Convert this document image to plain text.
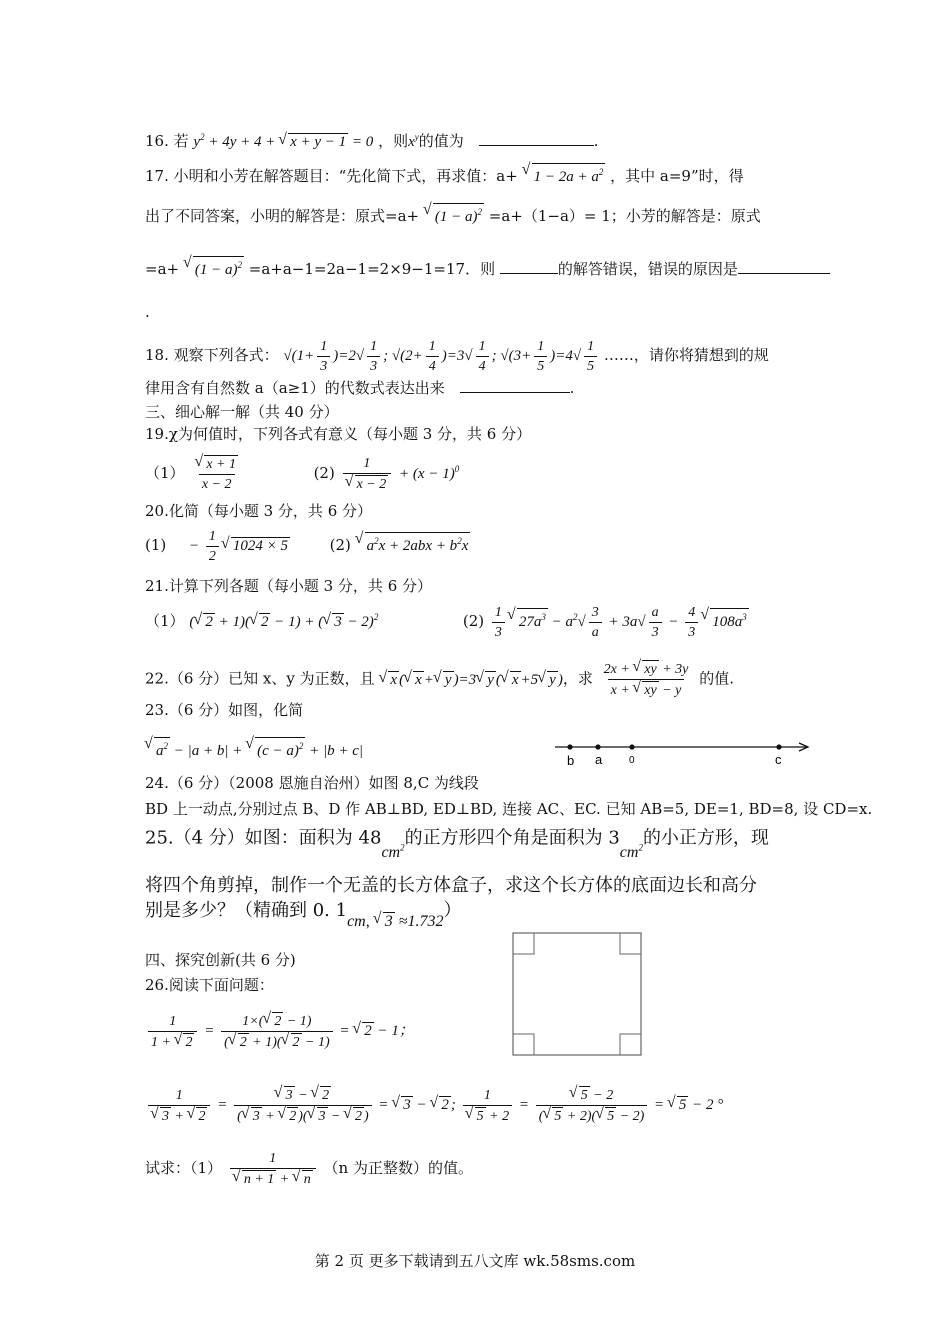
16. 若 $y^2 + 4y + 4$ + √ x + y − 1 = 0 ，则$x^y$的值为	.
17. 小明和小芳在解答题目：“先化简下式，再求值：a+ √ $1 - 2a + a^2$ ，其中 a=9”时，得
出了不同答案，小明的解答是：原式=a+ √ $(1 - a)^2 =a+(1-a)= 1$；小芳的解答是：原式
=a+ √ $(1 - a)^2 =a+a-1=2a-1=2\times 9-1=17$．则	的解答错误，错误的原因是
.
18. 观察下列各式： $√(1+ \frac{1}{3} )=2√ \frac{1}{3}$ ; $√(2+ \frac{1}{4} )=3√ \frac{1}{4}$ ; $√(3+ \frac{1}{5} )=4√ \frac{1}{5}$ ……，请你将猜想到的规
律用含有自然数 a（a≥1）的代数式表达出来	.
三、细心解一解（共 40 分）
19.χ为何值时，下列各式有意义（每小题 3 分，共 6 分）
（1） √ $\frac{x + 1}{x - 2}$	(2) 1
√ $x - 2 + (x - 1)^0$
20.化简（每小题 3 分，共 6 分）
$(1) - \frac{1}{2}$ √ 1024 × 5	(2) √ $a^2x + 2abx + b^2x$
21.计算下列各题（每小题 3 分，共 6 分）
（1） ( √ 2 + 1)( √ 2 − 1) + ( √ 3 − 2)$^2$	$(2) \frac{1}{3}$ √ $27a^3 - a^2√ \frac{3}{a} + 3a√ \frac{a}{3} - \frac{4}{3}$ √ $108a^3$
22.（6 分）已知 x、y 为正数，且 √ x ( √ x + √ y )=3 √ y ( √ x +5 √ y )，求 $\frac{2x + √ xy + 3y}{x + √ xy - y}$ 的值.
23.（6 分）如图，化简
√ $a^2 - |a + b|$ + √ $(c - a)^2 + |b + c|$
b a	0	c
24.（6 分）（2008 恩施自治州）如图 8,C 为线段
BD 上一动点,分别过点 B、D 作 AB⊥BD, ED⊥BD, 连接 AC、EC. 已知 AB=5, DE=1, BD=8, 设 CD=x.
25.（4 分）如图：面积为 $48cm^2$的正方形四个角是面积为 $3cm^2$的小正方形，现
将四个角剪掉，制作一个无盖的长方体盒子，求这个长方体的底面边长和高分
别是多少？（精确到 0. 1cm, √ 3 ≈1.732）
四、探究创新(共 6 分)
26.阅读下面问题：
$\frac{1}{1 + √ 2} = \frac{1\times( √ 2 - 1)}{( √ 2 + 1)( √ 2 - 1)}$ = √ 2 − 1；
1
√ 3 + √ 2 = √ $\frac{3 - √ 2}{( √ 3 + √ 2 )( √ 3 - √ 2 )}$ = √ 3 − √ 2 ; 1
√ 5 + 2 = √ $\frac{5 - 2}{( √ 5 + 2)( √ 5 - 2)}$ = √ 5 − 2 °
试求：（1） 1
√ n + 1 + √ n （n 为正整数）的值。
第 2 页 更多下载请到五八文库 wk.58sms.com
